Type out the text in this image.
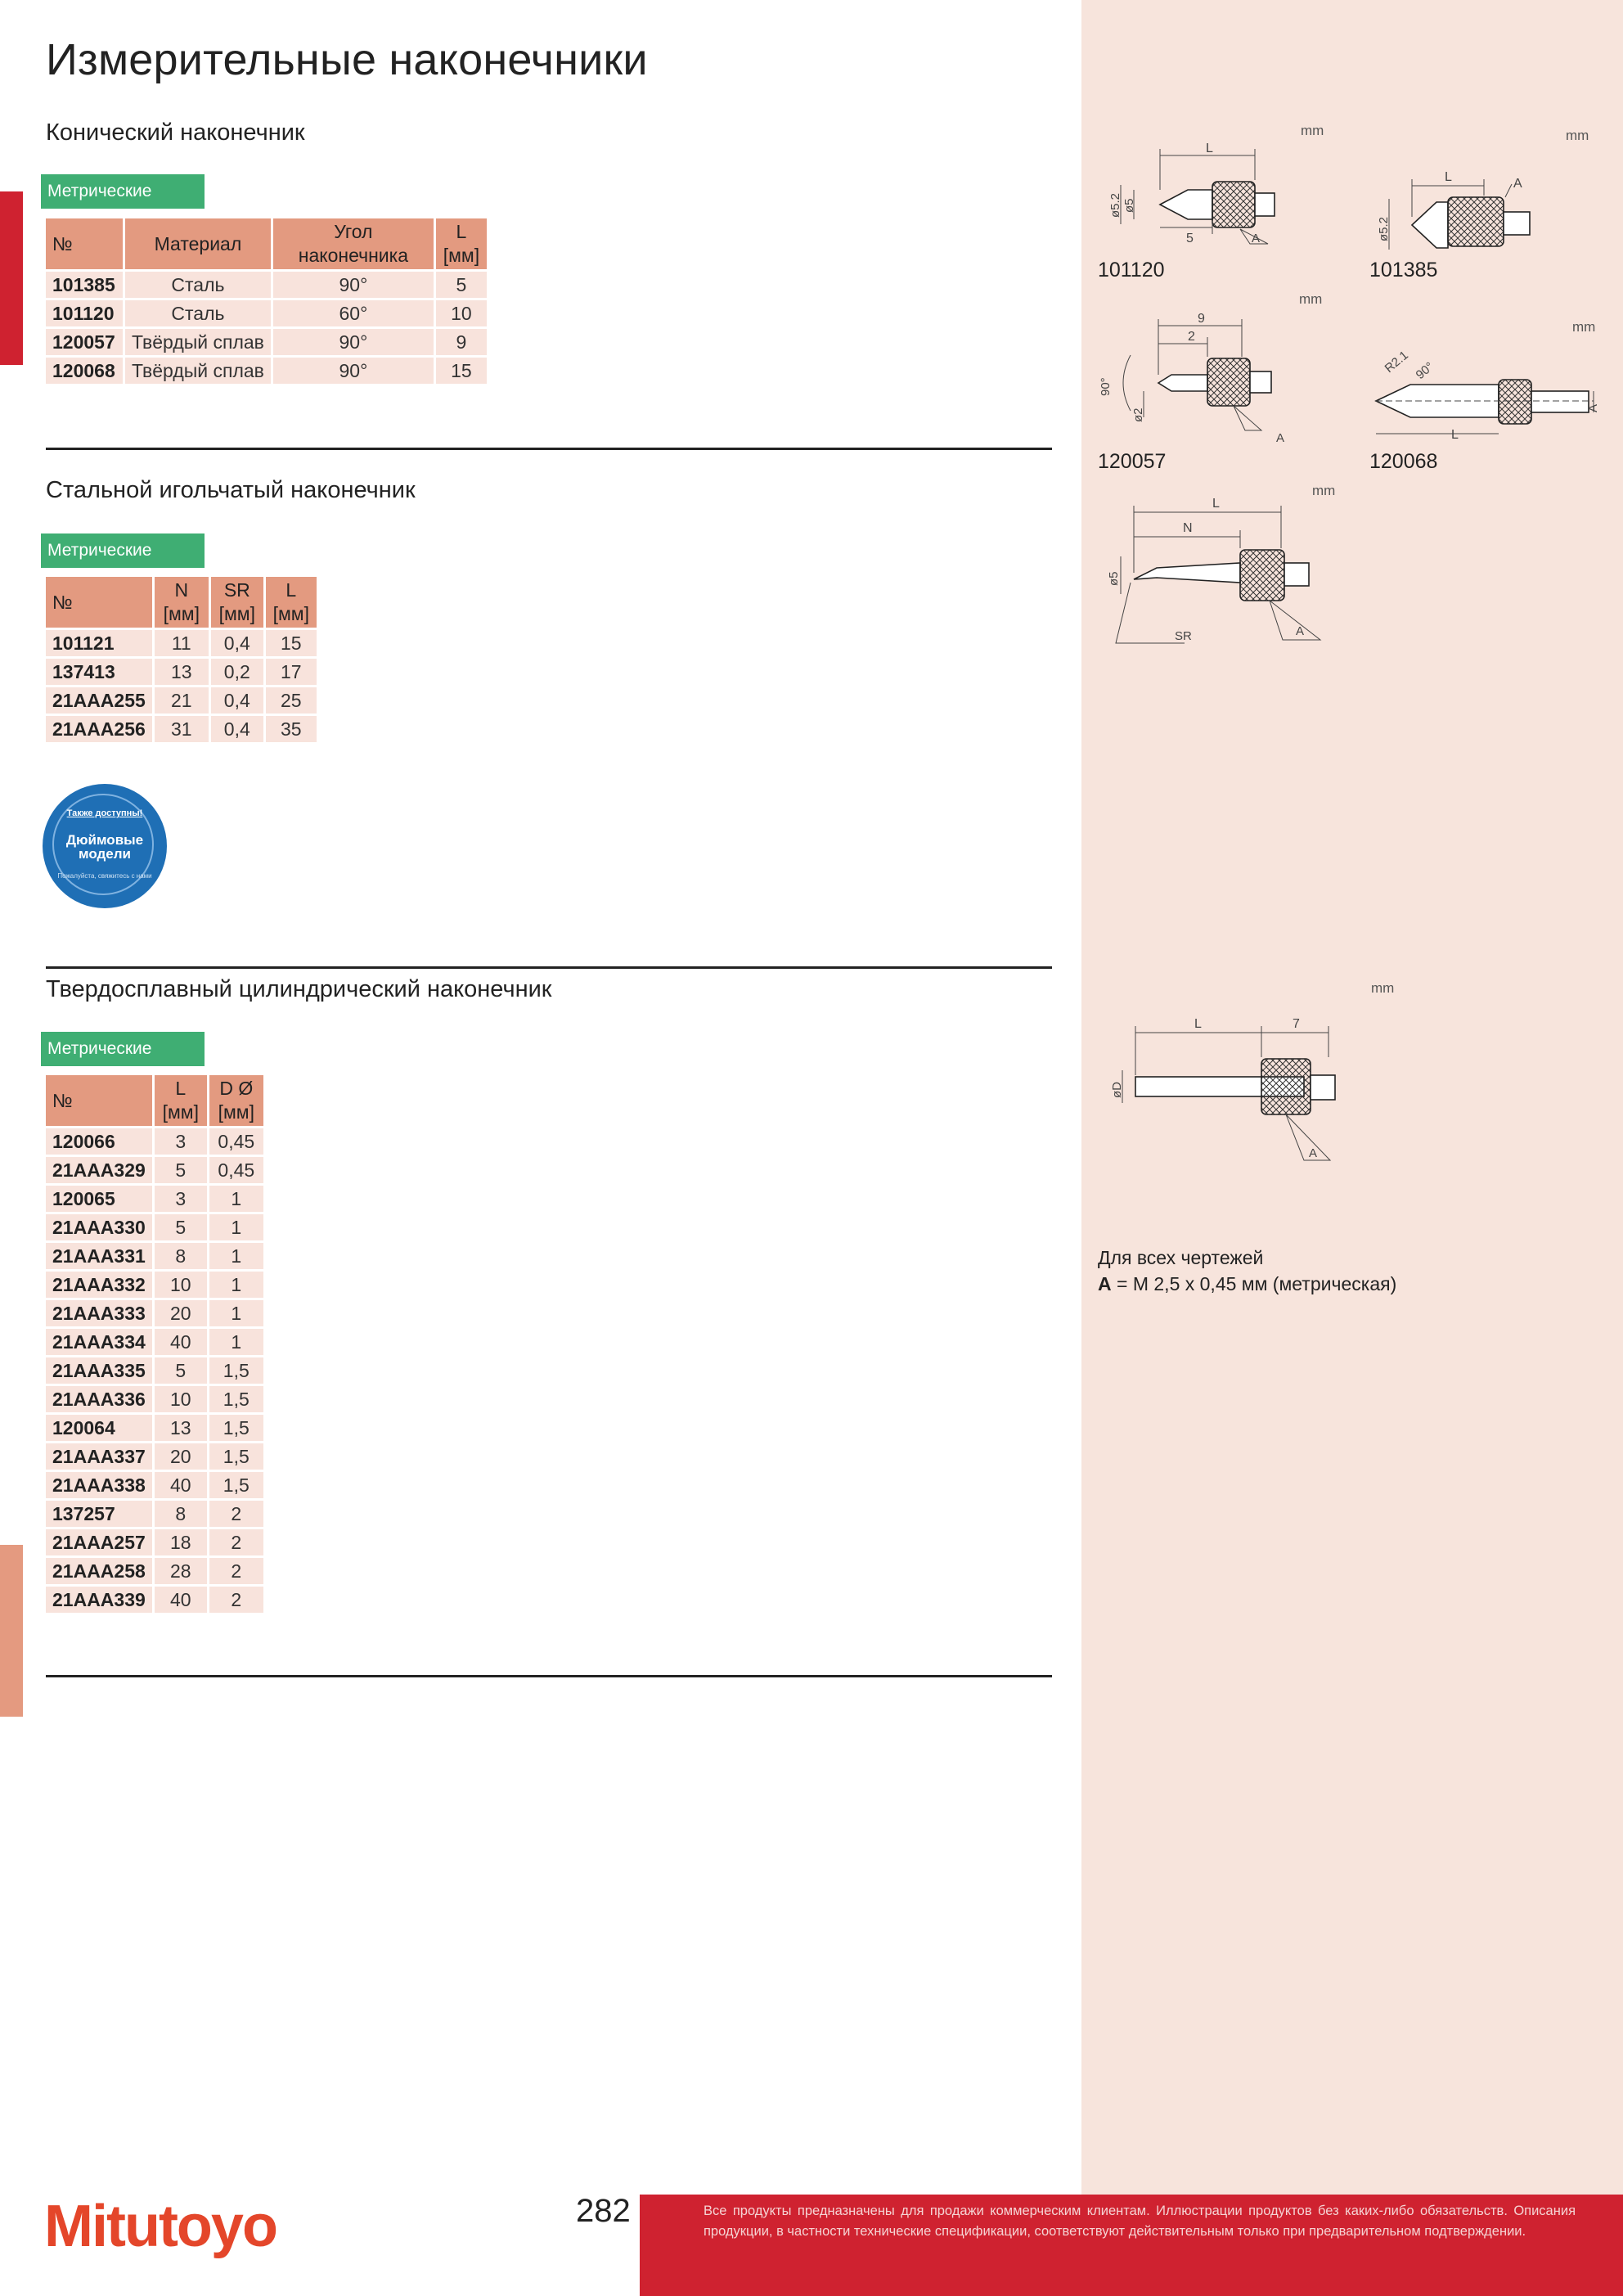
Измерительные наконечники
Конический наконечник
Метрические
№	Материал	Угол наконечника	L [мм]
101385	Сталь	90°	5
101120	Сталь	60°	10
120057	Твёрдый сплав	90°	9
120068	Твёрдый сплав	90°	15
Стальной игольчатый наконечник
Метрические
№	N [мм]	SR [мм]	L [мм]
101121	11	0,4	15
137413	13	0,2	17
21AAA255	21	0,4	25
21AAA256	31	0,4	35
Также доступны!
Дюймовые
модели
Пожалуйста, свяжитесь с нами
Твердосплавный цилиндрический наконечник
Метрические
№	L [мм]	D Ø [мм]
120066	3	0,45
21AAA329	5	0,45
120065	3	1
21AAA330	5	1
21AAA331	8	1
21AAA332	10	1
21AAA333	20	1
21AAA334	40	1
21AAA335	5	1,5
21AAA336	10	1,5
120064	13	1,5
21AAA337	20	1,5
21AAA338	40	1,5
137257	8	2
21AAA257	18	2
21AAA258	28	2
21AAA339	40	2
mm
L
5
ø5.2 ø5
A
101120
mm
L
ø5.2
A
101385
mm
9
2
90°
ø2
A
120057
mm
R2.1 90°
L
A
120068
mm
L
N
ø5
SR	A
mm
L	7
øD
A
Для всех чертежей
A = M 2,5 x 0,45 мм (метрическая)
Mitutoyo	282	Все продукты предназначены для продажи коммерческим клиентам. Иллюстрации продуктов без каких-либо обязательств. Описания продукции, в частности технические спецификации, соответствуют действительным только при предварительном подтверждении.
